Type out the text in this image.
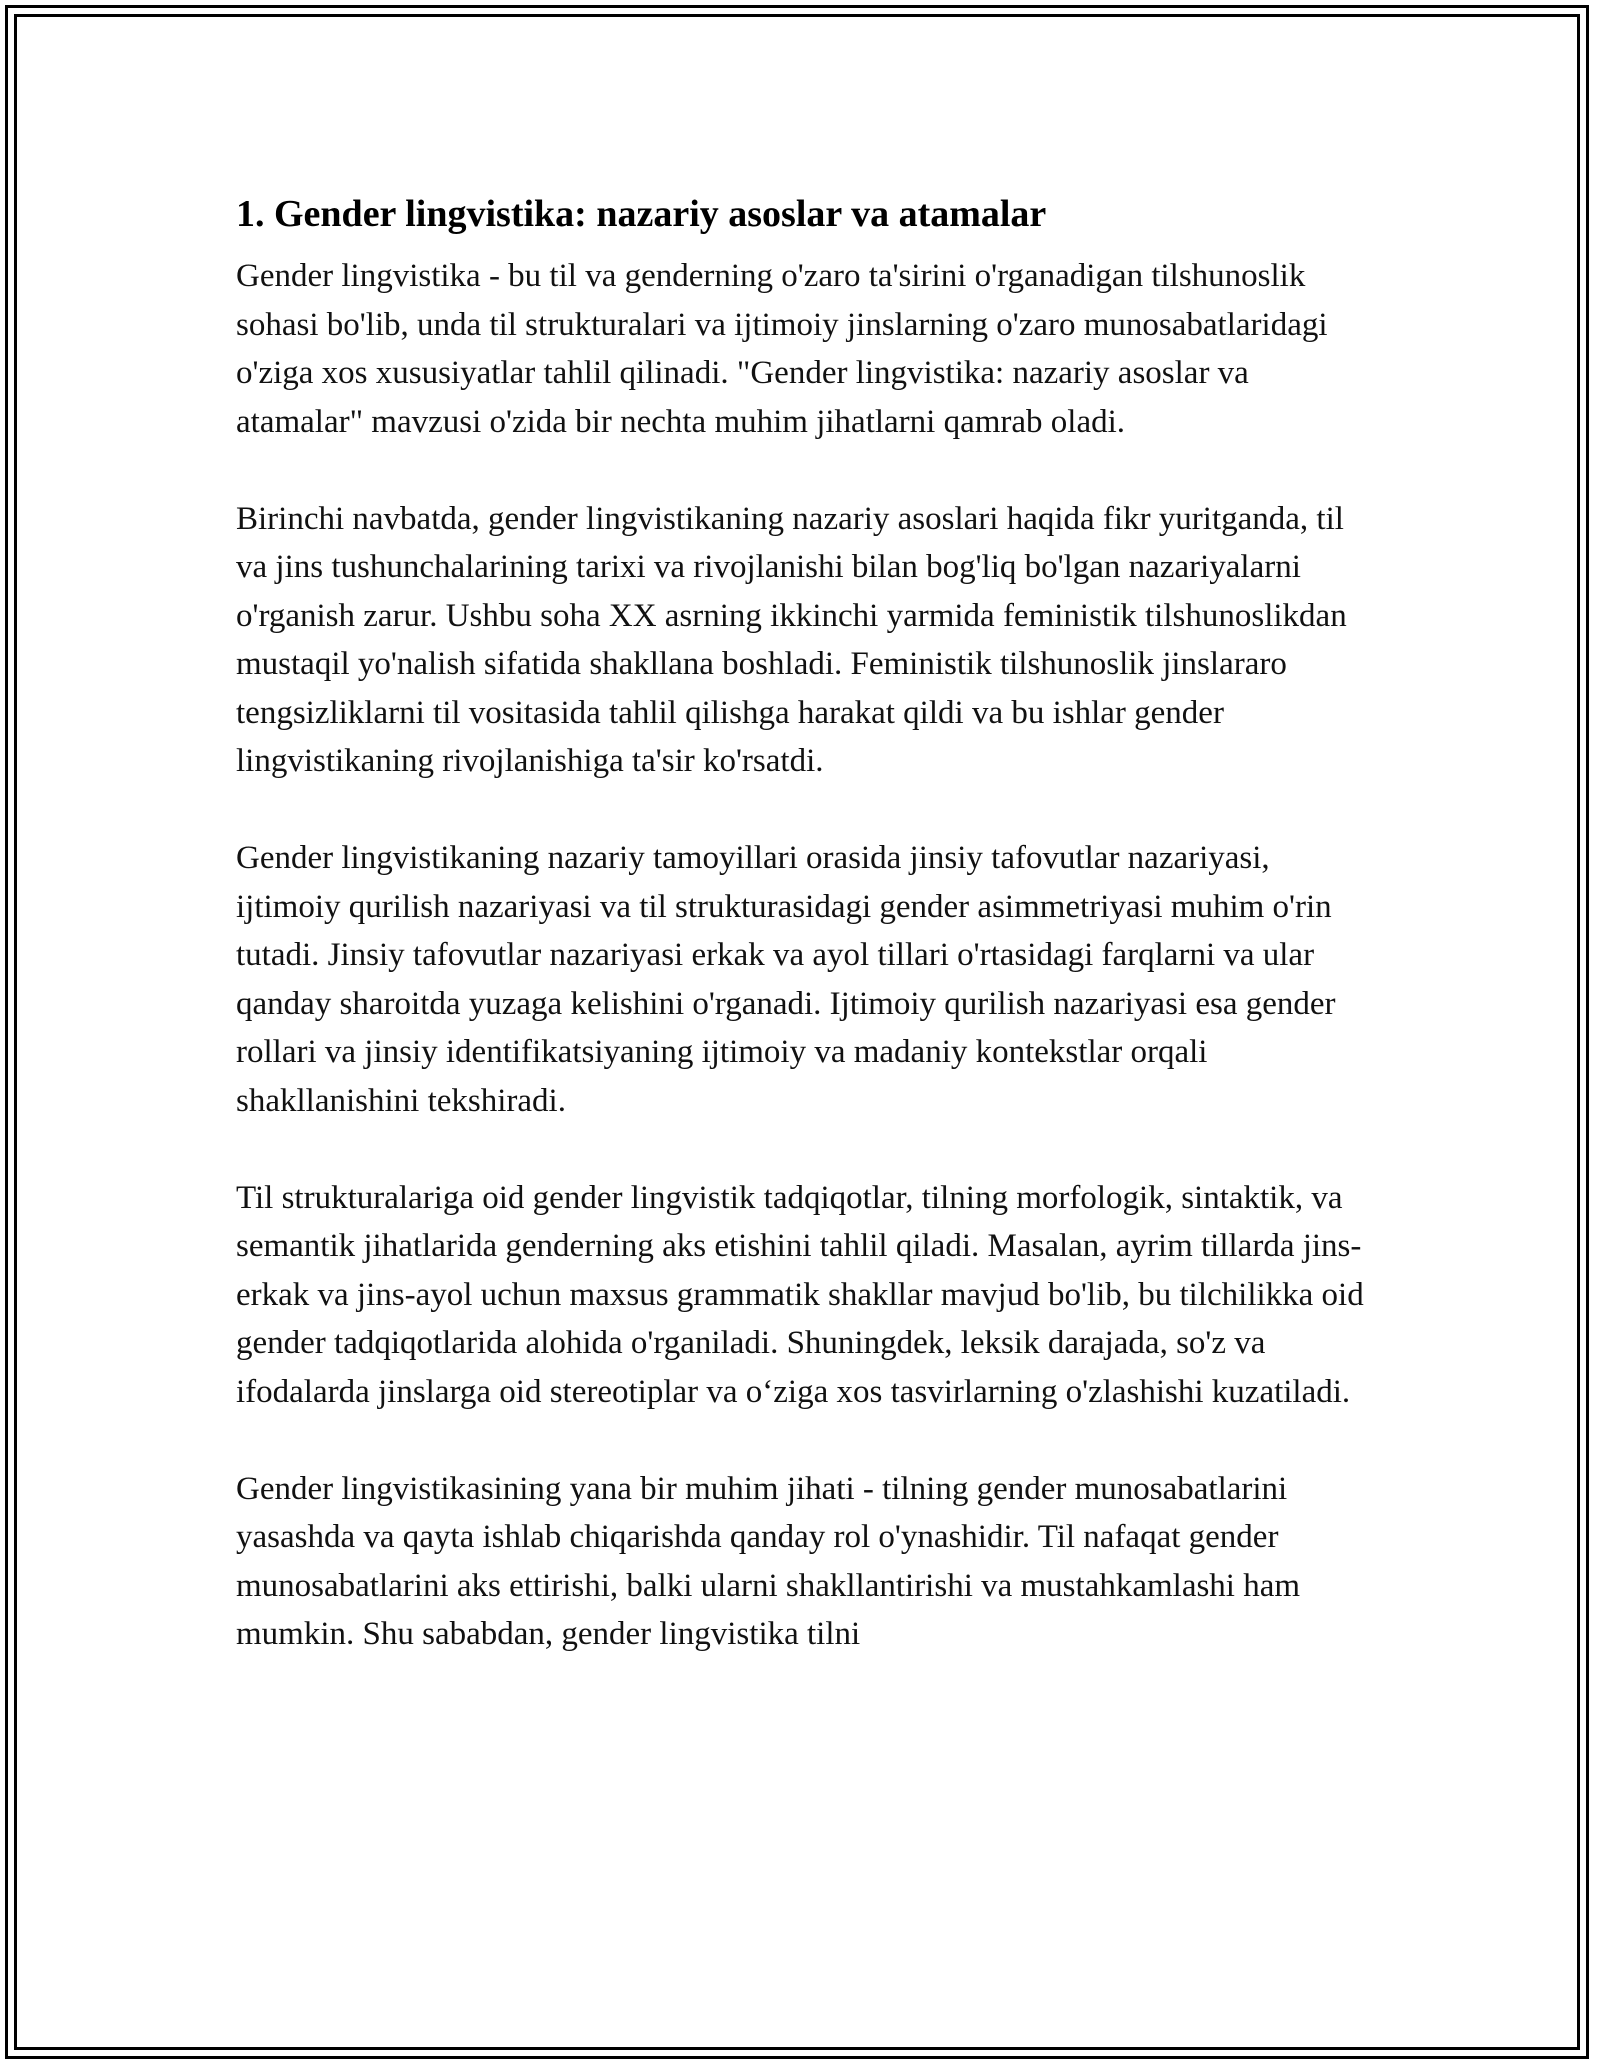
1. Gender lingvistika: nazariy asoslar va atamalar

Gender lingvistika - bu til va genderning o'zaro ta'sirini o'rganadigan tilshunoslik sohasi bo'lib, unda til strukturalari va ijtimoiy jinslarning o'zaro munosabatlaridagi o'ziga xos xususiyatlar tahlil qilinadi. "Gender lingvistika: nazariy asoslar va atamalar" mavzusi o'zida bir nechta muhim jihatlarni qamrab oladi.

Birinchi navbatda, gender lingvistikaning nazariy asoslari haqida fikr yuritganda, til va jins tushunchalarining tarixi va rivojlanishi bilan bog'liq bo'lgan nazariyalarni o'rganish zarur. Ushbu soha XX asrning ikkinchi yarmida feministik tilshunoslikdan mustaqil yo'nalish sifatida shakllana boshladi. Feministik tilshunoslik jinslararo tengsizliklarni til vositasida tahlil qilishga harakat qildi va bu ishlar gender lingvistikaning rivojlanishiga ta'sir ko'rsatdi.

Gender lingvistikaning nazariy tamoyillari orasida jinsiy tafovutlar nazariyasi, ijtimoiy qurilish nazariyasi va til strukturasidagi gender asimmetriyasi muhim o'rin tutadi. Jinsiy tafovutlar nazariyasi erkak va ayol tillari o'rtasidagi farqlarni va ular qanday sharoitda yuzaga kelishini o'rganadi. Ijtimoiy qurilish nazariyasi esa gender rollari va jinsiy identifikatsiyaning ijtimoiy va madaniy kontekstlar orqali shakllanishini tekshiradi.

Til strukturalariga oid gender lingvistik tadqiqotlar, tilning morfologik, sintaktik, va semantik jihatlarida genderning aks etishini tahlil qiladi. Masalan, ayrim tillarda jins-erkak va jins-ayol uchun maxsus grammatik shakllar mavjud bo'lib, bu tilchilikka oid gender tadqiqotlarida alohida o'rganiladi. Shuningdek, leksik darajada, so'z va ifodalarda jinslarga oid stereotiplar va o‘ziga xos tasvirlarning o'zlashishi kuzatiladi.

Gender lingvistikasining yana bir muhim jihati - tilning gender munosabatlarini yasashda va qayta ishlab chiqarishda qanday rol o'ynashidir. Til nafaqat gender munosabatlarini aks ettirishi, balki ularni shakllantirishi va mustahkamlashi ham mumkin. Shu sababdan, gender lingvistika tilni
